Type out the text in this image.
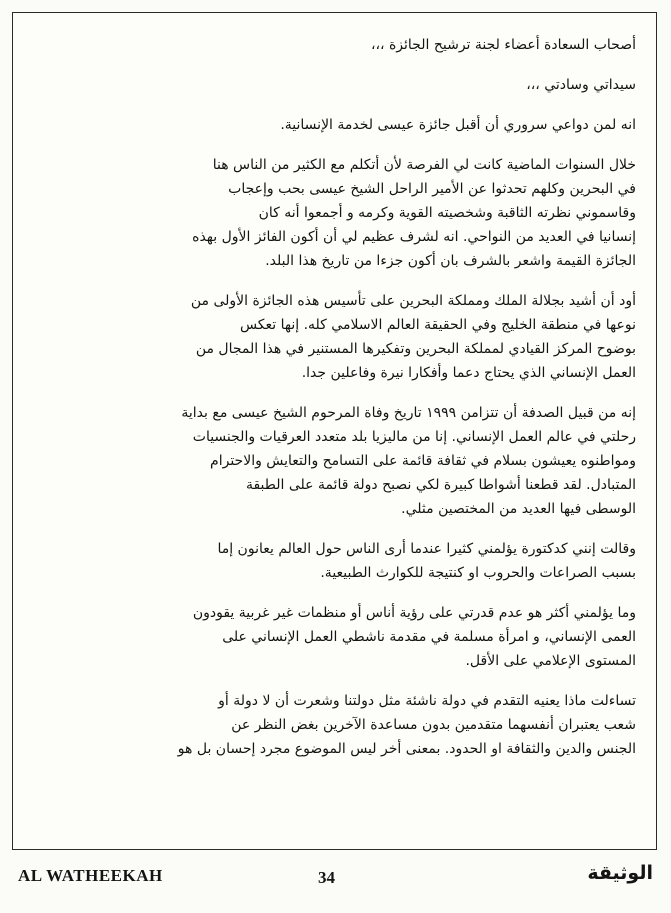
أصحاب السعادة أعضاء لجنة ترشيح الجائزة ،،،
سيداتي وسادتي ،،،
انه لمن دواعي سروري أن أقبل جائزة عيسى لخدمة الإنسانية.
خلال السنوات الماضية كانت لي الفرصة لأن أتكلم مع الكثير من الناس هنا
في البحرين وكلهم تحدثوا عن الأمير الراحل الشيخ عيسى بحب وإعجاب
وقاسموني نظرته الثاقبة وشخصيته القوية وكرمه و أجمعوا أنه كان
إنسانيا في العديد من النواحي. انه لشرف عظيم لي أن أكون الفائز الأول بهذه
الجائزة القيمة واشعر بالشرف بان أكون جزءا من تاريخ هذا البلد.
أود أن أشيد بجلالة الملك ومملكة البحرين على تأسيس هذه الجائزة الأولى من
نوعها في منطقة الخليج وفي الحقيقة العالم الاسلامي كله. إنها تعكس
بوضوح المركز القيادي لمملكة البحرين وتفكيرها المستنير في هذا المجال من
العمل الإنساني الذي يحتاج دعما وأفكارا نيرة وفاعلين جدا.
إنه من قبيل الصدفة أن تتزامن ١٩٩٩ تاريخ وفاة المرحوم الشيخ عيسى مع بداية
رحلتي في عالم العمل الإنساني. إنا من ماليزيا بلد متعدد العرقيات والجنسيات
ومواطنوه يعيشون بسلام في ثقافة قائمة على التسامح والتعايش والاحترام
المتبادل. لقد قطعنا أشواطا كبيرة لكي نصبح دولة قائمة على الطبقة
الوسطى فيها العديد من المختصين مثلي.
وقالت إنني كدكتورة يؤلمني كثيرا عندما أرى الناس حول العالم يعانون إما
بسبب الصراعات والحروب او كنتيجة للكوارث الطبيعية.
وما يؤلمني أكثر هو عدم قدرتي على رؤية أناس أو منظمات غير غربية يقودون
العمى الإنساني، و امرأة مسلمة في مقدمة ناشطي العمل الإنساني على
المستوى الإعلامي على الأقل.
تساءلت ماذا يعنيه التقدم في دولة ناشئة مثل دولتنا وشعرت أن لا دولة أو
شعب يعتبران أنفسهما متقدمين بدون مساعدة الآخرين بغض النظر عن
الجنس والدين والثقافة او الحدود. بمعنى أخر ليس الموضوع مجرد إحسان بل هو
AL WATHEEKAH	34	الوثيقة
